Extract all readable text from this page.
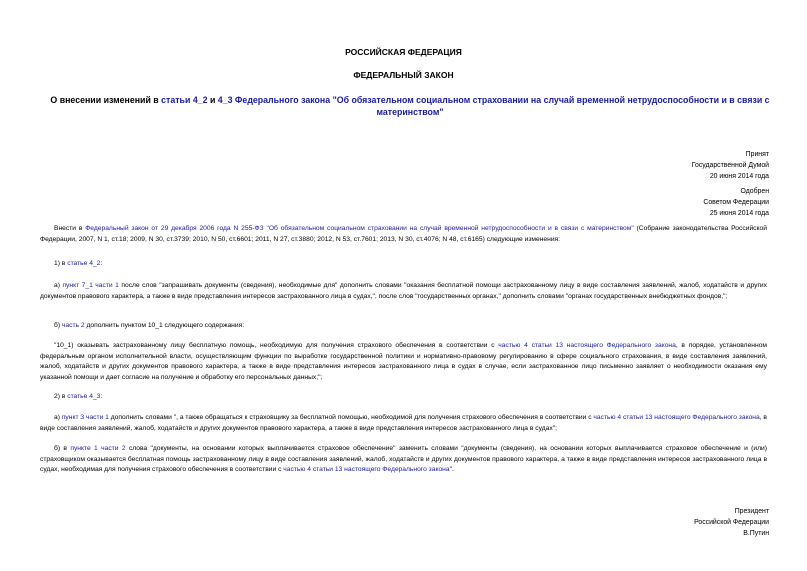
РОССИЙСКАЯ ФЕДЕРАЦИЯ
ФЕДЕРАЛЬНЫЙ ЗАКОН
О внесении изменений в статьи 4_2 и 4_3 Федерального закона "Об обязательном социальном страховании на случай временной нетрудоспособности и в связи с материнством"
Принят
Государственной Думой
20 июня 2014 года
Одобрен
Советом Федерации
25 июня 2014 года
Внести в Федеральный закон от 29 декабря 2006 года N 255-ФЗ "Об обязательном социальном страховании на случай временной нетрудоспособности и в связи с материнством" (Собрание законодательства Российской Федерации, 2007, N 1, ст.18; 2009, N 30, ст.3739; 2010, N 50, ст.6601; 2011, N 27, ст.3880; 2012, N 53, ст.7601; 2013, N 30, ст.4076; N 48, ст.6165) следующие изменения:
1) в статье 4_2:
а) пункт 7_1 части 1 после слов "запрашивать документы (сведения), необходимые для" дополнить словами "оказания бесплатной помощи застрахованному лицу в виде составления заявлений, жалоб, ходатайств и других документов правового характера, а также в виде представления интересов застрахованного лица в судах,", после слов "государственных органах," дополнить словами "органах государственных внебюджетных фондов,";
б) часть 2 дополнить пунктом 10_1 следующего содержания:
"10_1) оказывать застрахованному лицу бесплатную помощь, необходимую для получения страхового обеспечения в соответствии с частью 4 статьи 13 настоящего Федерального закона, в порядке, установленном федеральным органом исполнительной власти, осуществляющим функции по выработке государственной политики и нормативно-правовому регулированию в сфере социального страхования, в виде составления заявлений, жалоб, ходатайств и других документов правового характера, а также в виде представления интересов застрахованного лица в судах в случае, если застрахованное лицо письменно заявляет о необходимости оказания ему указанной помощи и дает согласие на получение и обработку его персональных данных;";
2) в статье 4_3:
а) пункт 3 части 1 дополнить словами ", а также обращаться к страховщику за бесплатной помощью, необходимой для получения страхового обеспечения в соответствии с частью 4 статьи 13 настоящего Федерального закона, в виде составления заявлений, жалоб, ходатайств и других документов правового характера, а также в виде представления интересов застрахованного лица в судах";
б) в пункте 1 части 2 слова "документы, на основании которых выплачивается страховое обеспечение" заменить словами "документы (сведения), на основании которых выплачивается страховое обеспечение и (или) страховщиком оказывается бесплатная помощь застрахованному лицу в виде составления заявлений, жалоб, ходатайств и других документов правового характера, а также в виде представления интересов застрахованного лица в судах, необходимая для получения страхового обеспечения в соответствии с частью 4 статьи 13 настоящего Федерального закона".
Президент
Российской Федерации
В.Путин
